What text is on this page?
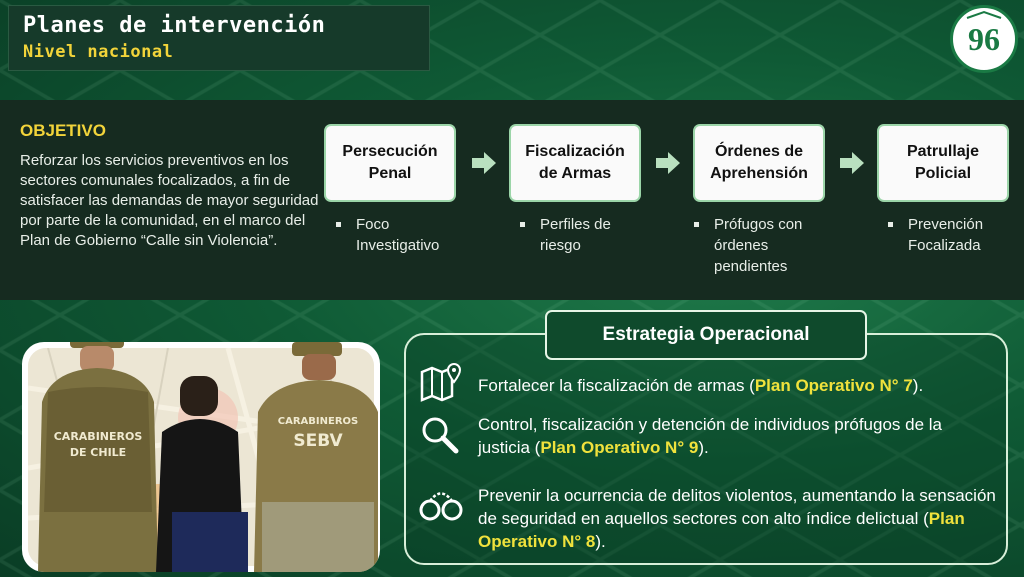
Planes de intervención
Nivel nacional	96
OBJETIVO
Reforzar los servicios preventivos en los sectores comunales focalizados, a fin de satisfacer las demandas de mayor seguridad por parte de la comunidad, en el marco del Plan de Gobierno “Calle sin Violencia”.
Persecución
Penal
Fiscalización
de Armas
Órdenes de
Aprehensión
Patrullaje
Policial
Foco
Investigativo
Perfiles de
riesgo
Prófugos con
órdenes
pendientes
Prevención
Focalizada
CARABINEROS
DE CHILE
CARABINEROS
SEBV
Estrategia Operacional
Fortalecer la fiscalización de armas (Plan Operativo N° 7).
Control, fiscalización y detención de individuos prófugos de la justicia (Plan Operativo N° 9).
Prevenir la ocurrencia de delitos violentos, aumentando la sensación de seguridad en aquellos sectores con alto índice delictual (Plan Operativo N° 8).
